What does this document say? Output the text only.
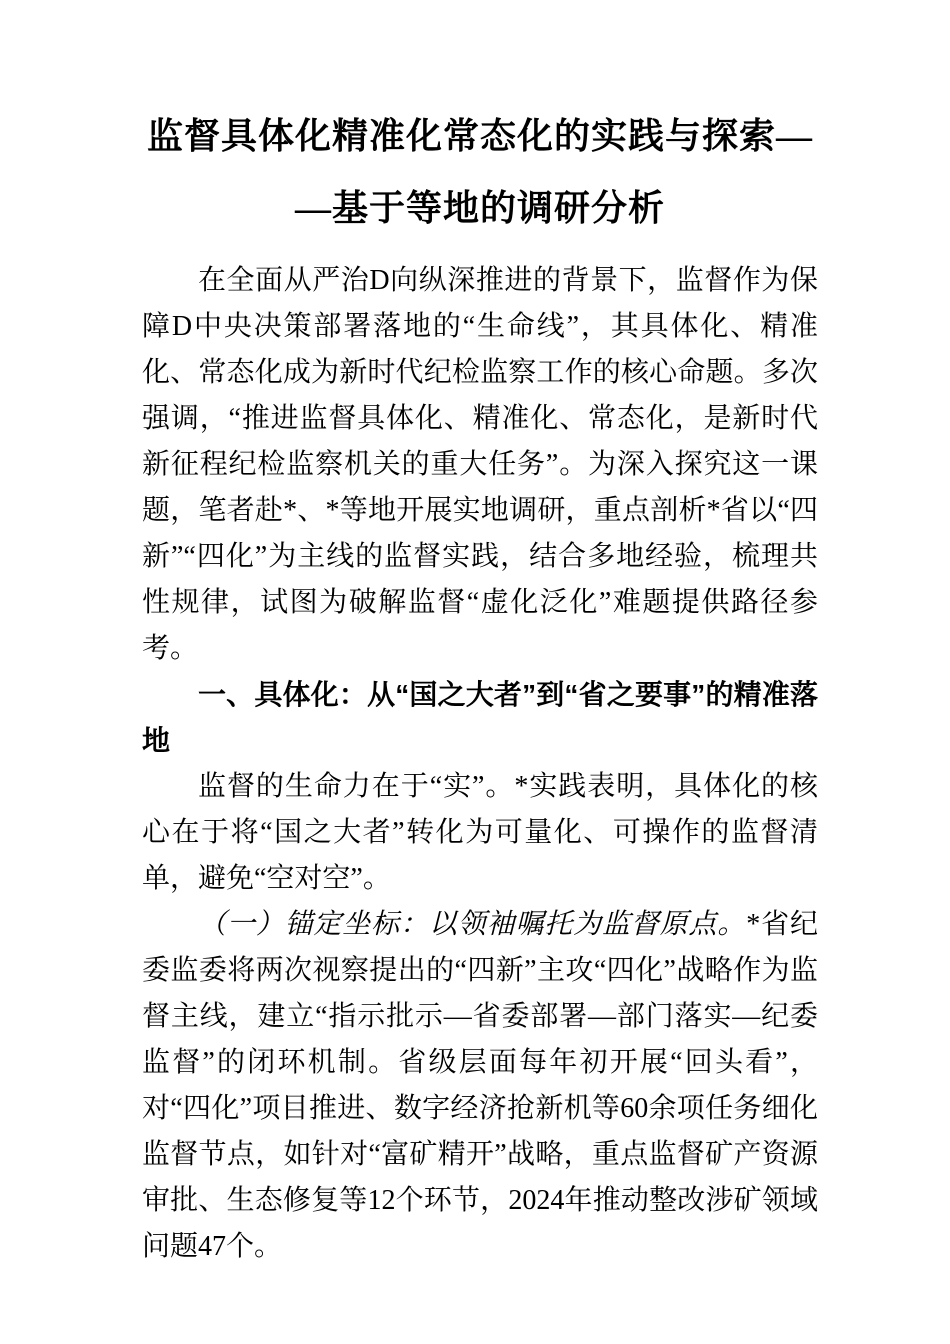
监督具体化精准化常态化的实践与探索—
—基于等地的调研分析

在全面从严治D向纵深推进的背景下，监督作为保障D中央决策部署落地的“生命线”，其具体化、精准化、常态化成为新时代纪检监察工作的核心命题。多次强调，“推进监督具体化、精准化、常态化，是新时代新征程纪检监察机关的重大任务”。为深入探究这一课题，笔者赴*、*等地开展实地调研，重点剖析*省以“四新”“四化”为主线的监督实践，结合多地经验，梳理共性规律，试图为破解监督“虚化泛化”难题提供路径参考。

一、具体化：从“国之大者”到“省之要事”的精准落地

监督的生命力在于“实”。*实践表明，具体化的核心在于将“国之大者”转化为可量化、可操作的监督清单，避免“空对空”。

（一）锚定坐标：以领袖嘱托为监督原点。*省纪委监委将两次视察提出的“四新”主攻“四化”战略作为监督主线，建立“指示批示—省委部署—部门落实—纪委监督”的闭环机制。省级层面每年初开展“回头看”，对“四化”项目推进、数字经济抢新机等60余项任务细化监督节点，如针对“富矿精开”战略，重点监督矿产资源审批、生态修复等12个环节，2024年推动整改涉矿领域问题47个。
